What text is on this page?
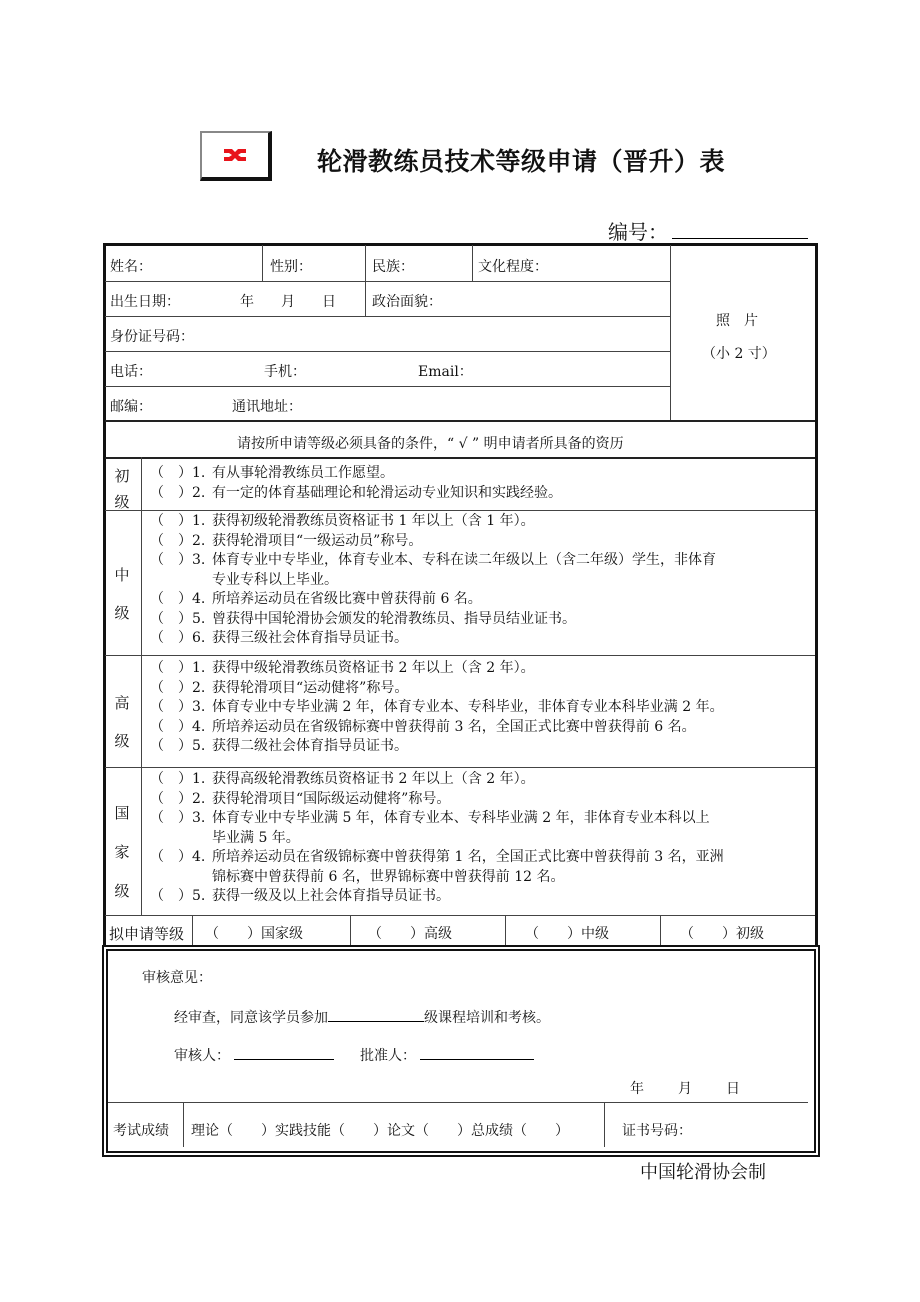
轮滑教练员技术等级申请（晋升）表
编号：
姓名：	性别：	民族：	文化程度：
出生日期：	年 月 日	政治面貌：
身份证号码：
电话：	手机：	Email：
邮编：	通讯地址：
照　片
（小 2 寸）
请按所申请等级必须具备的条件，“ √ ” 明申请者所具备的资历
初
级
（　）1. 有从事轮滑教练员工作愿望。
（　）2. 有一定的体育基础理论和轮滑运动专业知识和实践经验。
中
级
（　）1. 获得初级轮滑教练员资格证书 1 年以上（含 1 年）。
（　）2. 获得轮滑项目“一级运动员”称号。
（　）3. 体育专业中专毕业，体育专业本、专科在读二年级以上（含二年级）学生，非体育
专业专科以上毕业。
（　）4. 所培养运动员在省级比赛中曾获得前 6 名。
（　）5. 曾获得中国轮滑协会颁发的轮滑教练员、指导员结业证书。
（　）6. 获得三级社会体育指导员证书。
高
级
（　）1. 获得中级轮滑教练员资格证书 2 年以上（含 2 年）。
（　）2. 获得轮滑项目“运动健将”称号。
（　）3. 体育专业中专毕业满 2 年，体育专业本、专科毕业，非体育专业本科毕业满 2 年。
（　）4. 所培养运动员在省级锦标赛中曾获得前 3 名，全国正式比赛中曾获得前 6 名。
（　）5. 获得二级社会体育指导员证书。
国
家
级
（　）1. 获得高级轮滑教练员资格证书 2 年以上（含 2 年）。
（　）2. 获得轮滑项目“国际级运动健将”称号。
（　）3. 体育专业中专毕业满 5 年，体育专业本、专科毕业满 2 年，非体育专业本科以上
毕业满 5 年。
（　）4. 所培养运动员在省级锦标赛中曾获得第 1 名，全国正式比赛中曾获得前 3 名，亚洲
锦标赛中曾获得前 6 名，世界锦标赛中曾获得前 12 名。
（　）5. 获得一级及以上社会体育指导员证书。
拟申请等级 （　　）国家级	（　　）高级	（　　）中级	（　　）初级
审核意见：
经审查，同意该学员参加	级课程培训和考核。
审核人：	批准人：
年 月 日
考试成绩 理论（　　）实践技能（　　）论文（　　）总成绩（　　）	证书号码：
中国轮滑协会制
